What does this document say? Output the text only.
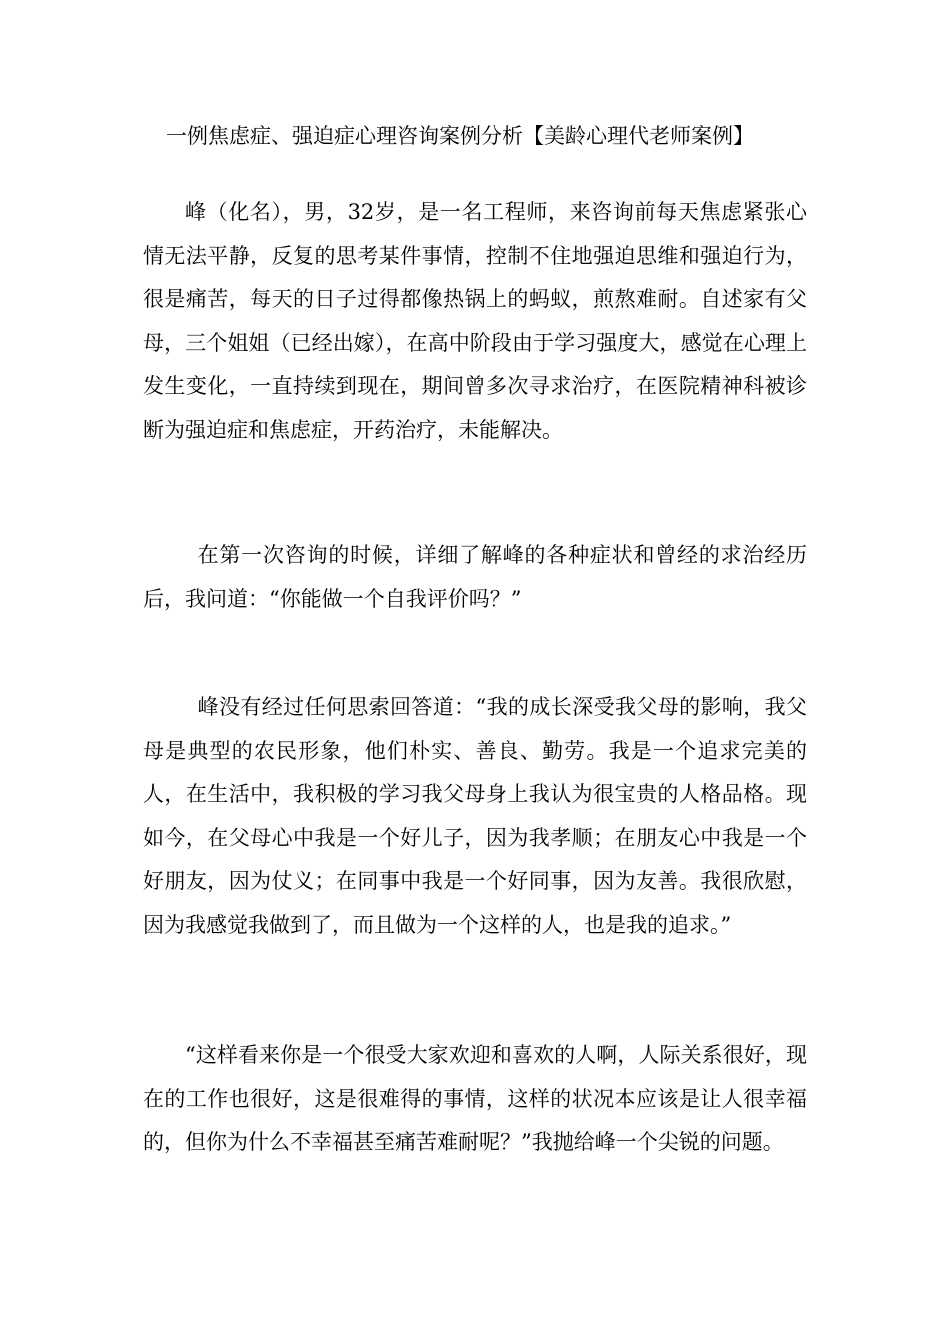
一例焦虑症、强迫症心理咨询案例分析【美龄心理代老师案例】

峰（化名），男，32岁，是一名工程师，来咨询前每天焦虑紧张心情无法平静，反复的思考某件事情，控制不住地强迫思维和强迫行为，很是痛苦，每天的日子过得都像热锅上的蚂蚁，煎熬难耐。自述家有父母，三个姐姐（已经出嫁），在高中阶段由于学习强度大，感觉在心理上发生变化，一直持续到现在，期间曾多次寻求治疗，在医院精神科被诊断为强迫症和焦虑症，开药治疗，未能解决。

在第一次咨询的时候，详细了解峰的各种症状和曾经的求治经历后，我问道：“你能做一个自我评价吗？”

峰没有经过任何思索回答道：“我的成长深受我父母的影响，我父母是典型的农民形象，他们朴实、善良、勤劳。我是一个追求完美的人，在生活中，我积极的学习我父母身上我认为很宝贵的人格品格。现如今，在父母心中我是一个好儿子，因为我孝顺；在朋友心中我是一个好朋友，因为仗义；在同事中我是一个好同事，因为友善。我很欣慰，因为我感觉我做到了，而且做为一个这样的人，也是我的追求。”

“这样看来你是一个很受大家欢迎和喜欢的人啊，人际关系很好，现在的工作也很好，这是很难得的事情，这样的状况本应该是让人很幸福的，但你为什么不幸福甚至痛苦难耐呢？”我抛给峰一个尖锐的问题。
